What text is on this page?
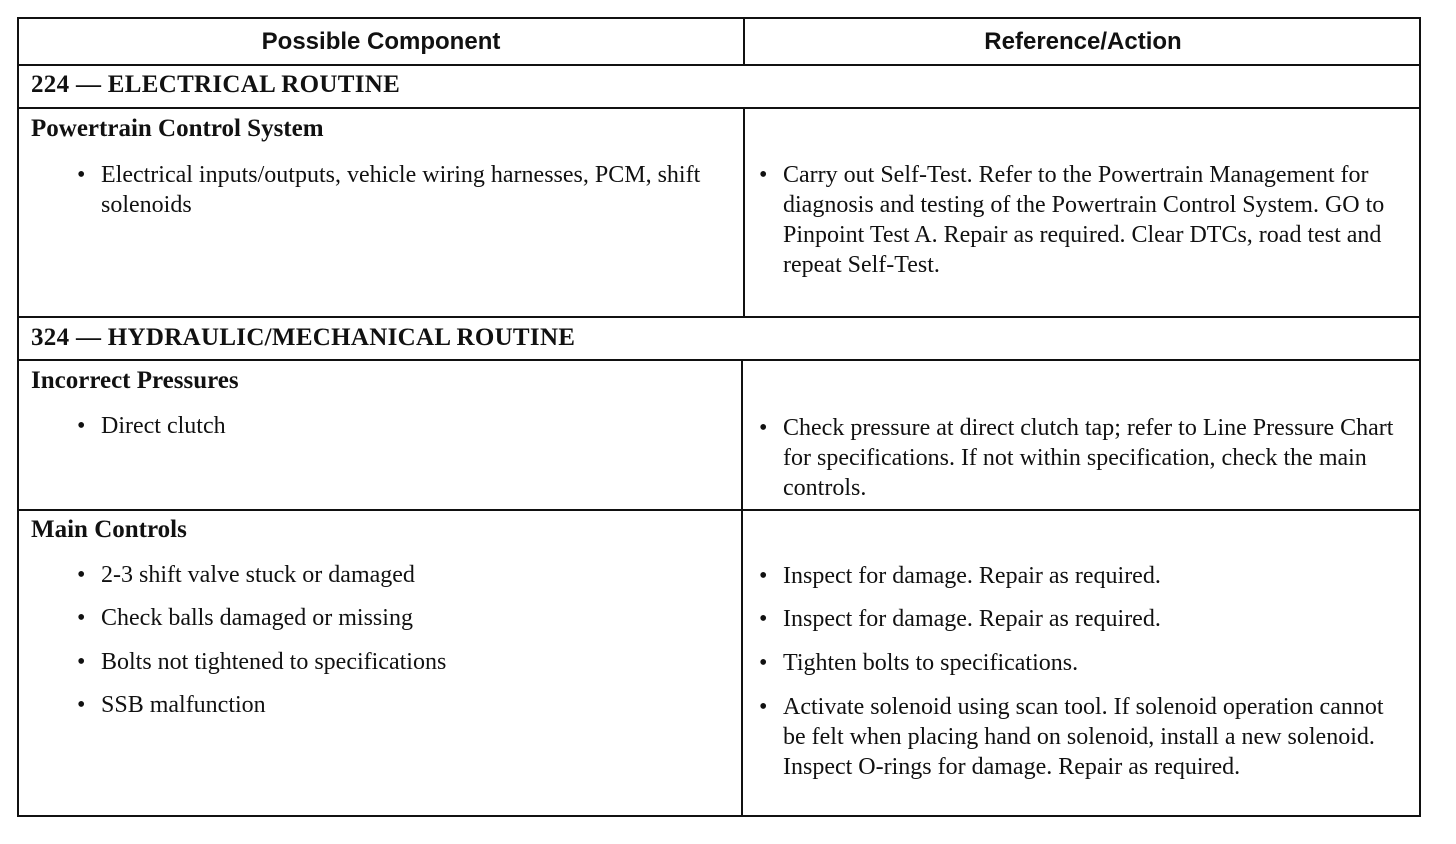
Possible Component	Reference/Action
224 — ELECTRICAL ROUTINE
Powertrain Control System
• Electrical inputs/outputs, vehicle wiring harnesses, PCM, shift solenoids
• Carry out Self-Test. Refer to the Powertrain Management for diagnosis and testing of the Powertrain Control System. GO to Pinpoint Test A. Repair as required. Clear DTCs, road test and repeat Self-Test.
324 — HYDRAULIC/MECHANICAL ROUTINE
Incorrect Pressures
• Direct clutch	• Check pressure at direct clutch tap; refer to Line Pressure Chart for specifications. If not within specification, check the main controls.
Main Controls
• 2-3 shift valve stuck or damaged
• Check balls damaged or missing
• Bolts not tightened to specifications
• SSB malfunction
• Inspect for damage. Repair as required.
• Inspect for damage. Repair as required.
• Tighten bolts to specifications.
• Activate solenoid using scan tool. If solenoid operation cannot be felt when placing hand on solenoid, install a new solenoid. Inspect O-rings for damage. Repair as required.
